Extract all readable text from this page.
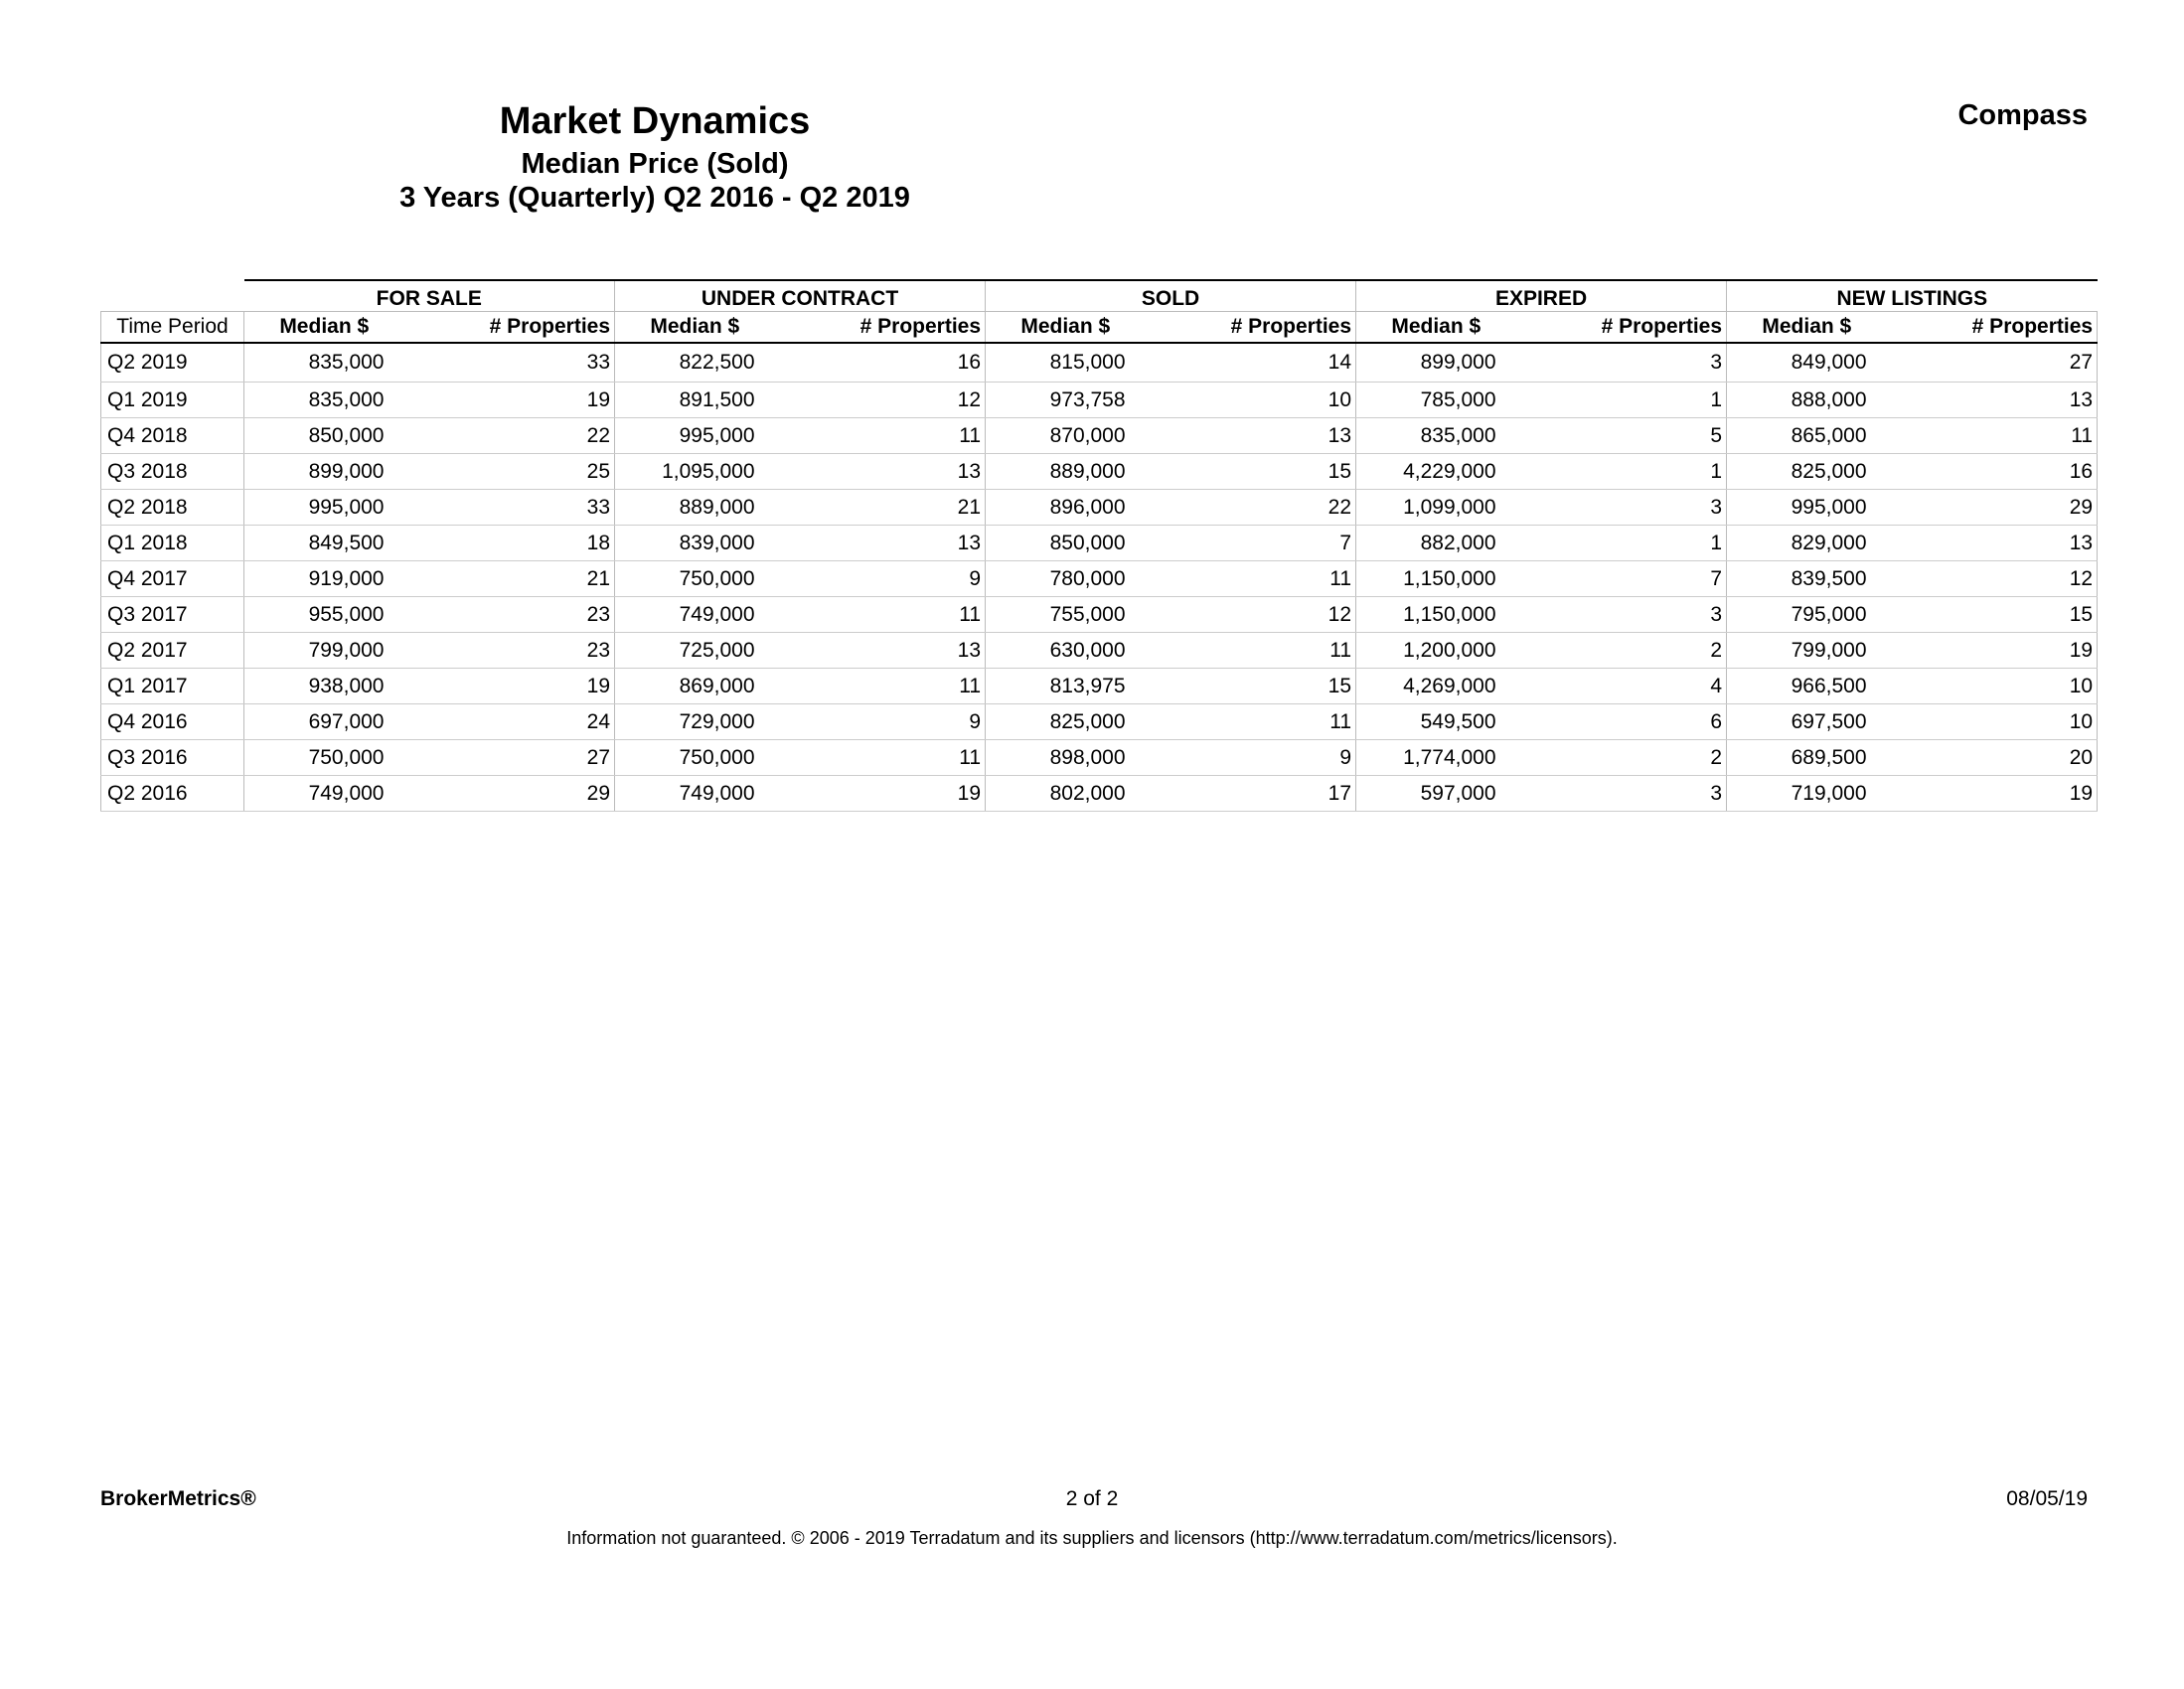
Market Dynamics
Median Price (Sold)
3 Years (Quarterly) Q2 2016 - Q2 2019
Compass
	FOR SALE		UNDER CONTRACT		SOLD		EXPIRED		NEW LISTINGS	
Time Period	Median $	# Properties	Median $	# Properties	Median $	# Properties	Median $	# Properties	Median $	# Properties
Q2 2019	835,000	33	822,500	16	815,000	14	899,000	3	849,000	27
Q1 2019	835,000	19	891,500	12	973,758	10	785,000	1	888,000	13
Q4 2018	850,000	22	995,000	11	870,000	13	835,000	5	865,000	11
Q3 2018	899,000	25	1,095,000	13	889,000	15	4,229,000	1	825,000	16
Q2 2018	995,000	33	889,000	21	896,000	22	1,099,000	3	995,000	29
Q1 2018	849,500	18	839,000	13	850,000	7	882,000	1	829,000	13
Q4 2017	919,000	21	750,000	9	780,000	11	1,150,000	7	839,500	12
Q3 2017	955,000	23	749,000	11	755,000	12	1,150,000	3	795,000	15
Q2 2017	799,000	23	725,000	13	630,000	11	1,200,000	2	799,000	19
Q1 2017	938,000	19	869,000	11	813,975	15	4,269,000	4	966,500	10
Q4 2016	697,000	24	729,000	9	825,000	11	549,500	6	697,500	10
Q3 2016	750,000	27	750,000	11	898,000	9	1,774,000	2	689,500	20
Q2 2016	749,000	29	749,000	19	802,000	17	597,000	3	719,000	19
BrokerMetrics®	2 of 2	08/05/19
Information not guaranteed. © 2006 - 2019 Terradatum and its suppliers and licensors (http://www.terradatum.com/metrics/licensors).
